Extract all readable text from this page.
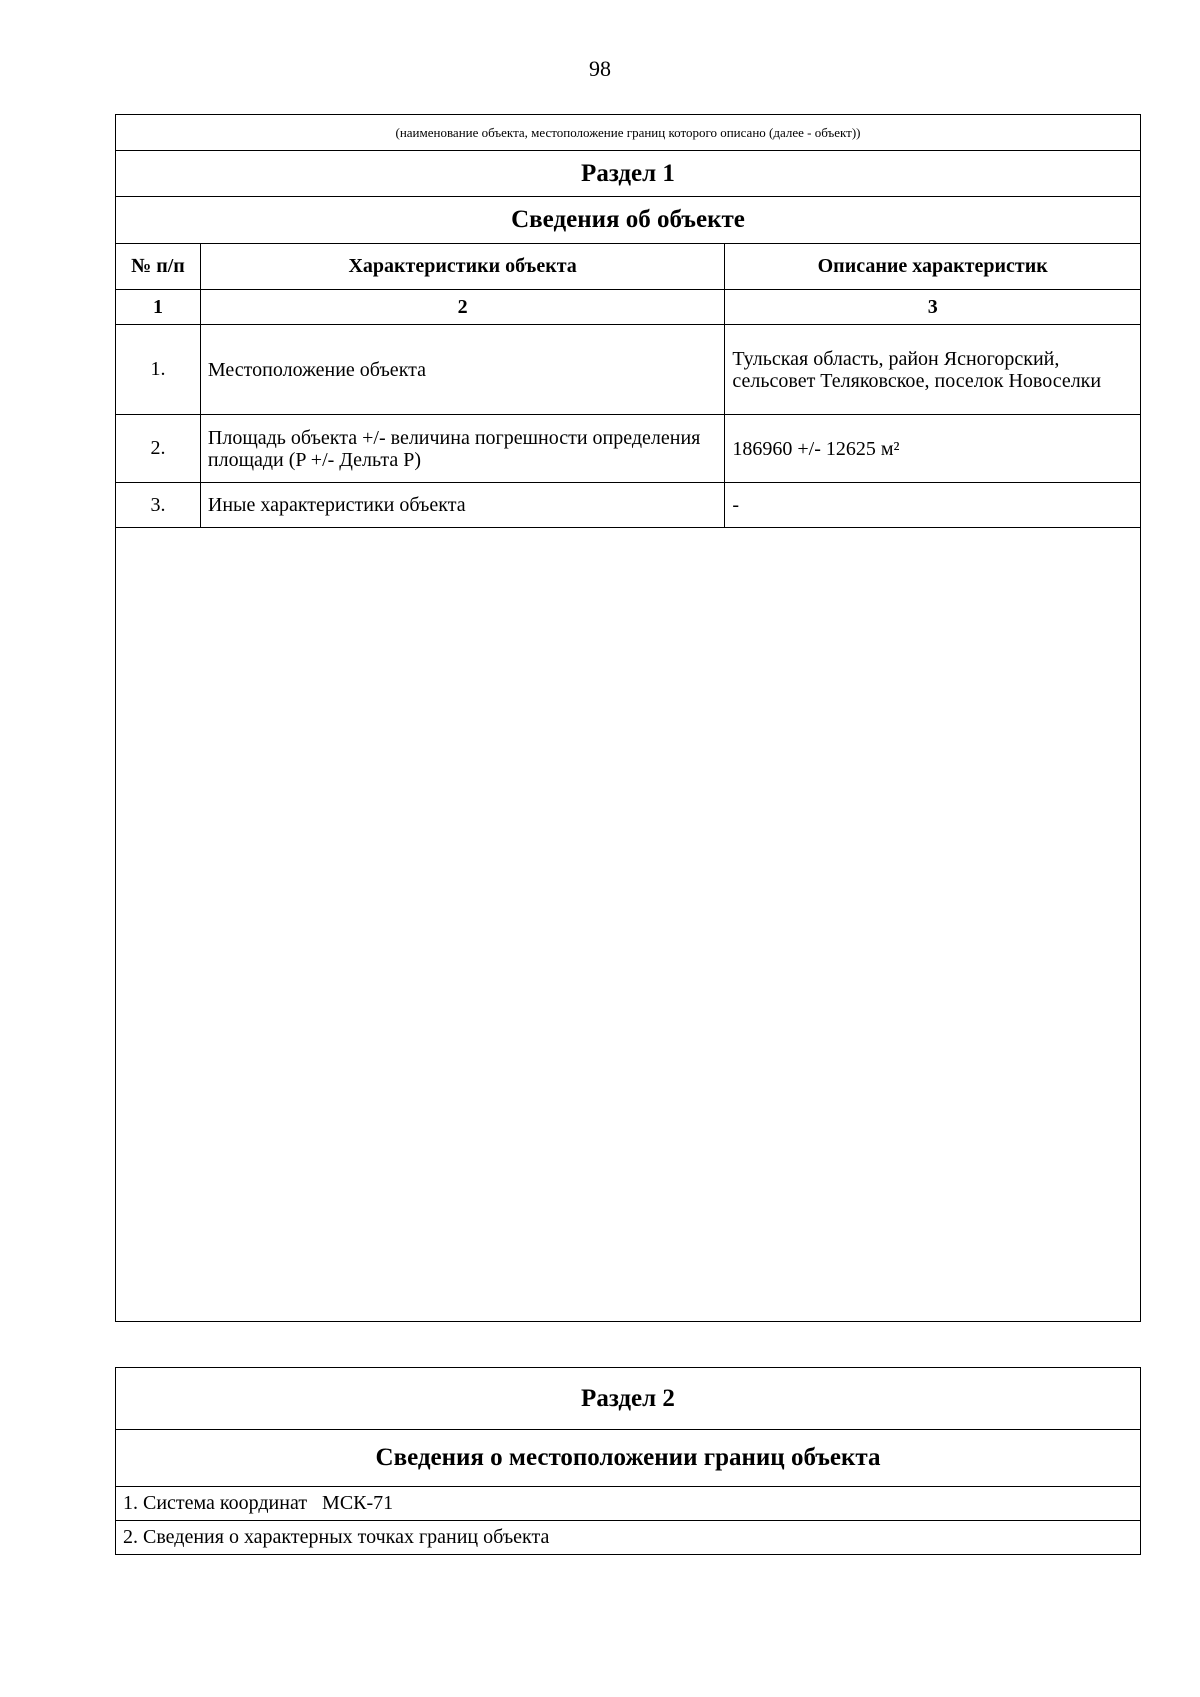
98
(наименование объекта, местоположение границ которого описано (далее - объект))		
Раздел 1		
Сведения об объекте		
№ п/п	Характеристики объекта	Описание характеристик
1	2	3
1.	Местоположение объекта	Тульская область, район Ясногорский, сельсовет Теляковское, поселок Новоселки
2.	Площадь объекта +/- величина погрешности определения площади (P +/- Дельта P)	186960 +/- 12625 м²
3.	Иные характеристики объекта	-

Раздел 2
Сведения о местоположении границ объекта
1. Система координат   МСК-71
2. Сведения о характерных точках границ объекта
